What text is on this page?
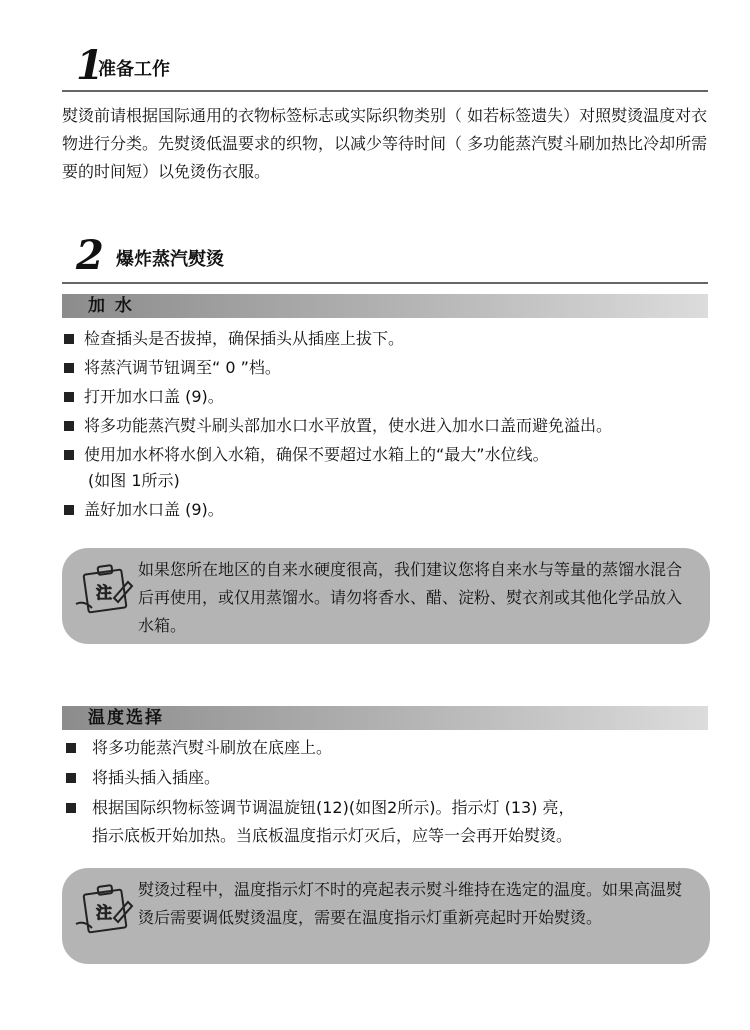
1
准备工作

熨烫前请根据国际通用的衣物标签标志或实际织物类别（ 如若标签遗失）对照熨烫温度对衣物进行分类。先熨烫低温要求的织物，以减少等待时间（ 多功能蒸汽熨斗刷加热比冷却所需要的时间短）以免烫伤衣服。

2 爆炸蒸汽熨烫
加 水
检查插头是否拔掉，确保插头从插座上拔下。
将蒸汽调节钮调至“ 0 ”档。
打开加水口盖 (9)。
将多功能蒸汽熨斗刷头部加水口水平放置，使水进入加水口盖而避免溢出。
使用加水杯将水倒入水箱，确保不要超过水箱上的“最大”水位线。
(如图 1所示)
盖好加水口盖 (9)。
注
如果您所在地区的自来水硬度很高，我们建议您将自来水与等量的蒸馏水混合后再使用，或仅用蒸馏水。请勿将香水、醋、淀粉、熨衣剂或其他化学品放入水箱。
温度选择
将多功能蒸汽熨斗刷放在底座上。
将插头插入插座。
根据国际织物标签调节调温旋钮(12)(如图2所示)。指示灯 (13) 亮，
指示底板开始加热。当底板温度指示灯灭后，应等一会再开始熨烫。
注
熨烫过程中，温度指示灯不时的亮起表示熨斗维持在选定的温度。如果高温熨烫后需要调低熨烫温度，需要在温度指示灯重新亮起时开始熨烫。
